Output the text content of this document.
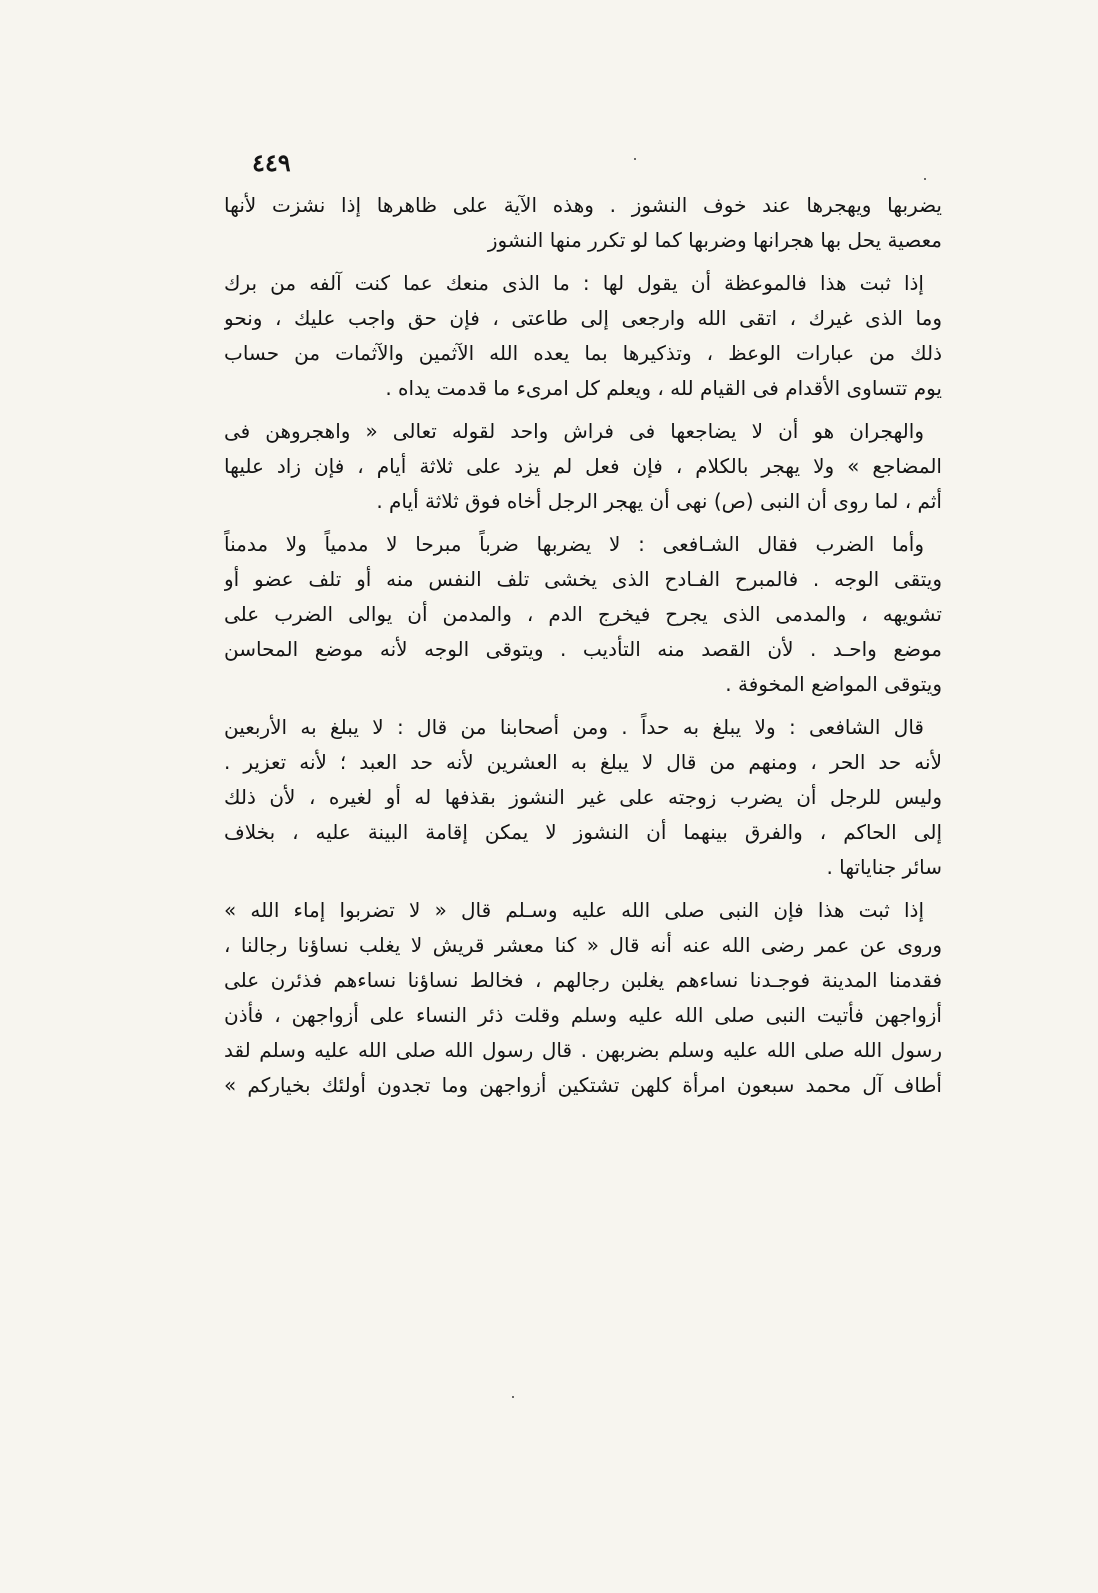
٤٤٩
يضربها ويهجرها عند خوف النشوز . وهذه الآية على ظاهرها إذا نشزت لأنها
معصية يحل بها هجرانها وضربها كما لو تكرر منها النشوز
إذا ثبت هذا فالموعظة أن يقول لها : ما الذى منعك عما كنت آلفه من برك
وما الذى غيرك ، اتقى الله وارجعى إلى طاعتى ، فإن حق واجب عليك ، ونحو
ذلك من عبارات الوعظ ، وتذكيرها بما يعده الله الآثمين والآثمات من حساب
يوم تتساوى الأقدام فى القيام لله ، ويعلم كل امرىء ما قدمت يداه .
والهجران هو أن لا يضاجعها فى فراش واحد لقوله تعالى « واهجروهن فى
المضاجع » ولا يهجر بالكلام ، فإن فعل لم يزد على ثلاثة أيام ، فإن زاد عليها
أثم ، لما روى أن النبى (ص) نهى أن يهجر الرجل أخاه فوق ثلاثة أيام .
وأما الضرب فقال الشـافعى : لا يضربها ضرباً مبرحا لا مدمياً ولا مدمناً
ويتقى الوجه . فالمبرح الفـادح الذى يخشى تلف النفس منه أو تلف عضو أو
تشويهه ، والمدمى الذى يجرح فيخرج الدم ، والمدمن أن يوالى الضرب على
موضع واحـد . لأن القصد منه التأديب . ويتوقى الوجه لأنه موضع المحاسن
ويتوقى المواضع المخوفة .
قال الشافعى : ولا يبلغ به حداً . ومن أصحابنا من قال : لا يبلغ به الأربعين
لأنه حد الحر ، ومنهم من قال لا يبلغ به العشرين لأنه حد العبد ؛ لأنه تعزير .
وليس للرجل أن يضرب زوجته على غير النشوز بقذفها له أو لغيره ، لأن ذلك
إلى الحاكم ، والفرق بينهما أن النشوز لا يمكن إقامة البينة عليه ، بخلاف
سائر جناياتها .
إذا ثبت هذا فإن النبى صلى الله عليه وسـلم قال « لا تضربوا إماء الله »
وروى عن عمر رضى الله عنه أنه قال « كنا معشر قريش لا يغلب نساؤنا رجالنا ،
فقدمنا المدينة فوجـدنا نساءهم يغلبن رجالهم ، فخالط نساؤنا نساءهم فذئرن على
أزواجهن فأتيت النبى صلى الله عليه وسلم وقلت ذئر النساء على أزواجهن ، فأذن
رسول الله صلى الله عليه وسلم بضربهن . قال رسول الله صلى الله عليه وسلم لقد
أطاف آل محمد سبعون امرأة كلهن تشتكين أزواجهن وما تجدون أولئك بخياركم »
